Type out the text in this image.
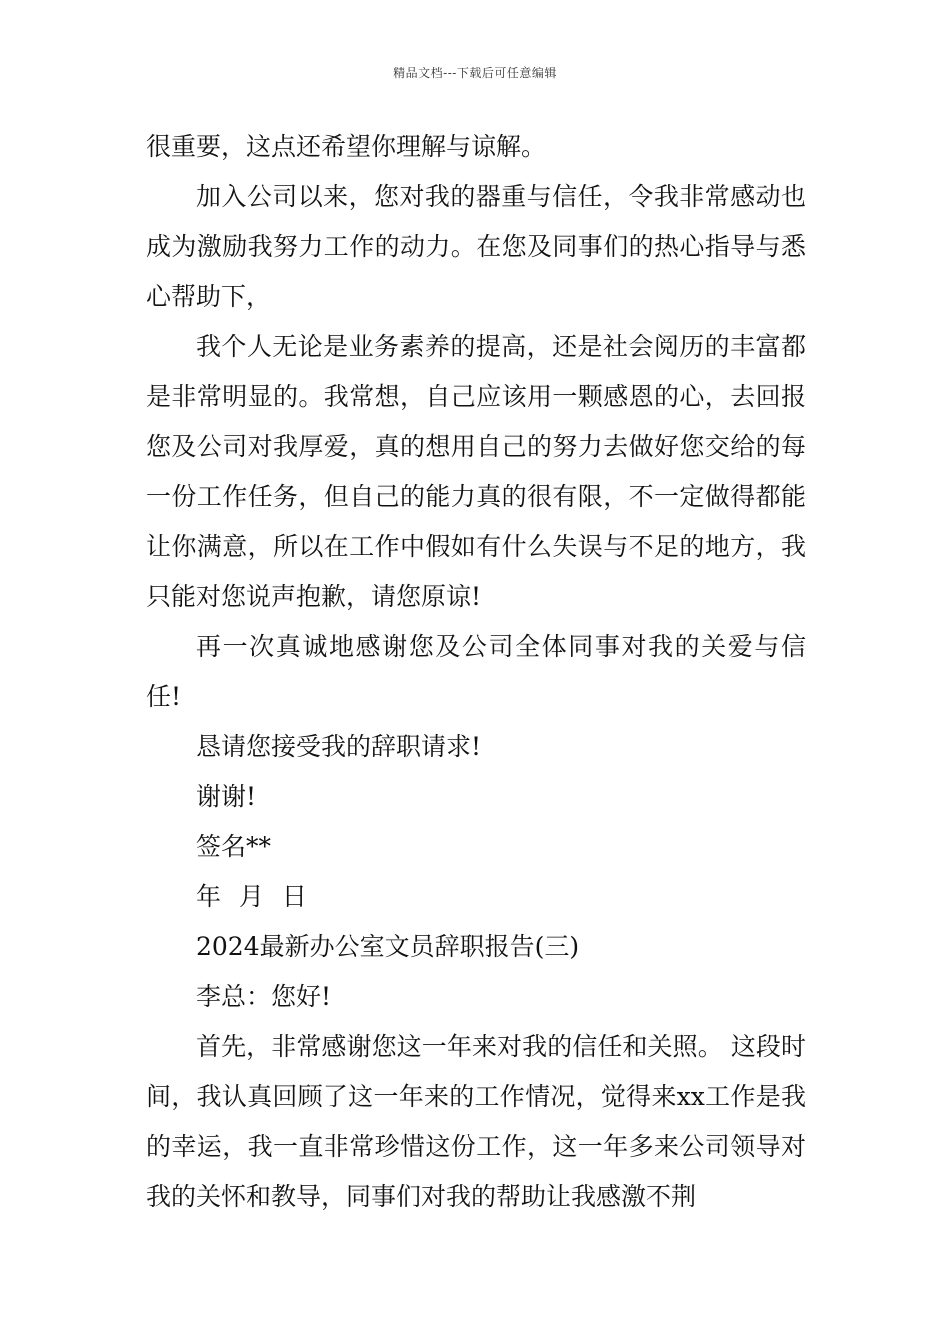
精品文档---下载后可任意编辑

很重要，这点还希望你理解与谅解。

加入公司以来，您对我的器重与信任，令我非常感动也成为激励我努力工作的动力。在您及同事们的热心指导与悉心帮助下，

我个人无论是业务素养的提高，还是社会阅历的丰富都是非常明显的。我常想，自己应该用一颗感恩的心，去回报您及公司对我厚爱，真的想用自己的努力去做好您交给的每一份工作任务，但自己的能力真的很有限，不一定做得都能让你满意，所以在工作中假如有什么失误与不足的地方，我只能对您说声抱歉，请您原谅!

再一次真诚地感谢您及公司全体同事对我的关爱与信任!

恳请您接受我的辞职请求!

谢谢!

签名**

年 月 日

2024最新办公室文员辞职报告(三)

李总：您好!

首先，非常感谢您这一年来对我的信任和关照。 这段时间，我认真回顾了这一年来的工作情况，觉得来xx工作是我的幸运，我一直非常珍惜这份工作，这一年多来公司领导对我的关怀和教导，同事们对我的帮助让我感激不荆
